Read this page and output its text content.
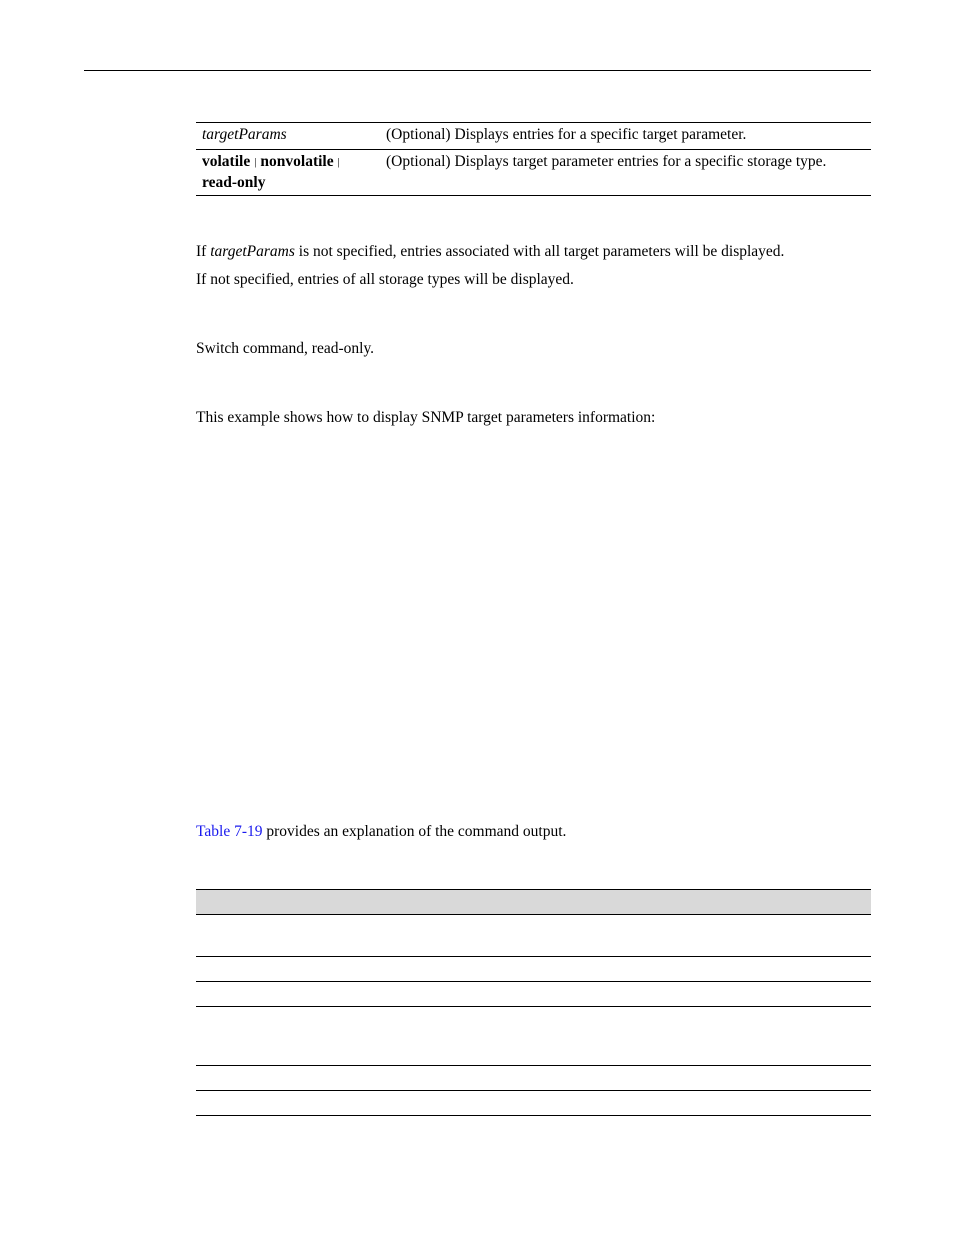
targetParams	(Optional) Displays entries for a specific target parameter.
volatile | nonvolatile |
read-only	(Optional) Displays target parameter entries for a specific storage type.
If targetParams is not specified, entries associated with all target parameters will be displayed.
If not specified, entries of all storage types will be displayed.
Switch command, read-only.
This example shows how to display SNMP target parameters information:
Table 7-19 provides an explanation of the command output.
